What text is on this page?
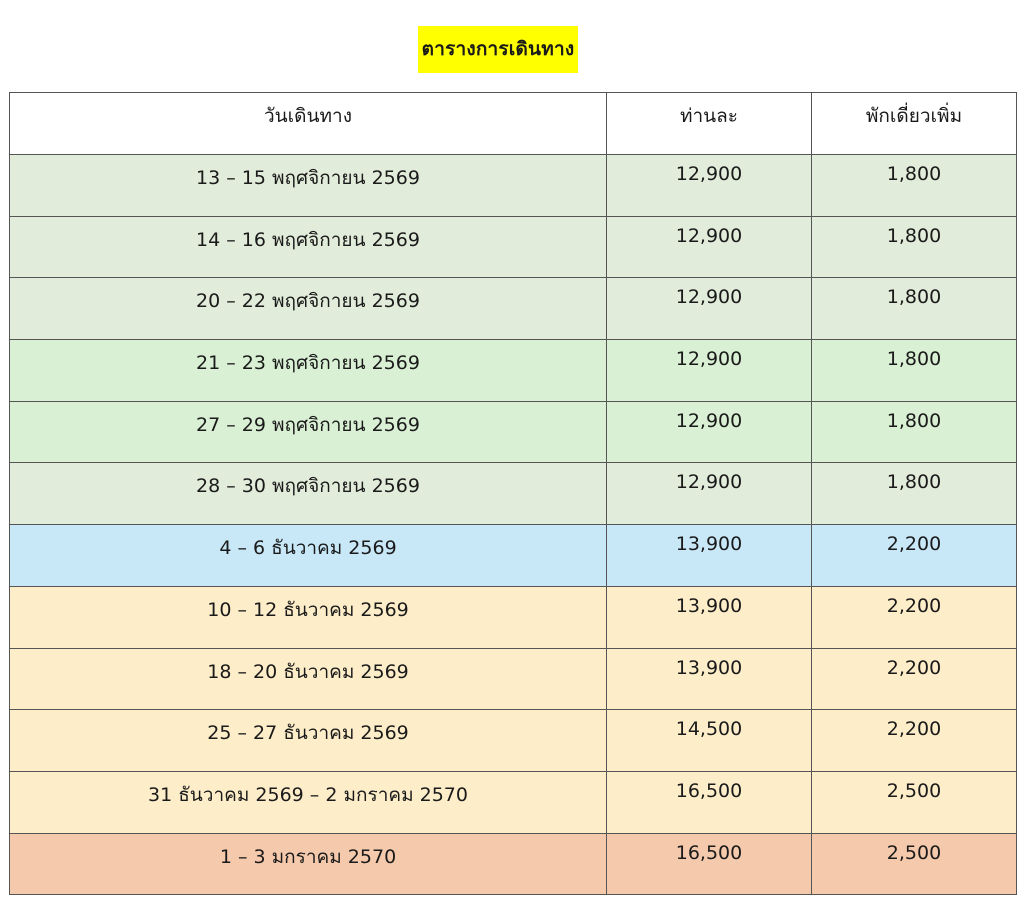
ตารางการเดินทาง
วันเดินทาง	ท่านละ	พักเดี่ยวเพิ่ม
13 – 15 พฤศจิกายน 2569	12,900	1,800
14 – 16 พฤศจิกายน 2569	12,900	1,800
20 – 22 พฤศจิกายน 2569	12,900	1,800
21 – 23 พฤศจิกายน 2569	12,900	1,800
27 – 29 พฤศจิกายน 2569	12,900	1,800
28 – 30 พฤศจิกายน 2569	12,900	1,800
4 – 6 ธันวาคม 2569	13,900	2,200
10 – 12 ธันวาคม 2569	13,900	2,200
18 – 20 ธันวาคม 2569	13,900	2,200
25 – 27 ธันวาคม 2569	14,500	2,200
31 ธันวาคม 2569 – 2 มกราคม 2570	16,500	2,500
1 – 3 มกราคม 2570	16,500	2,500
